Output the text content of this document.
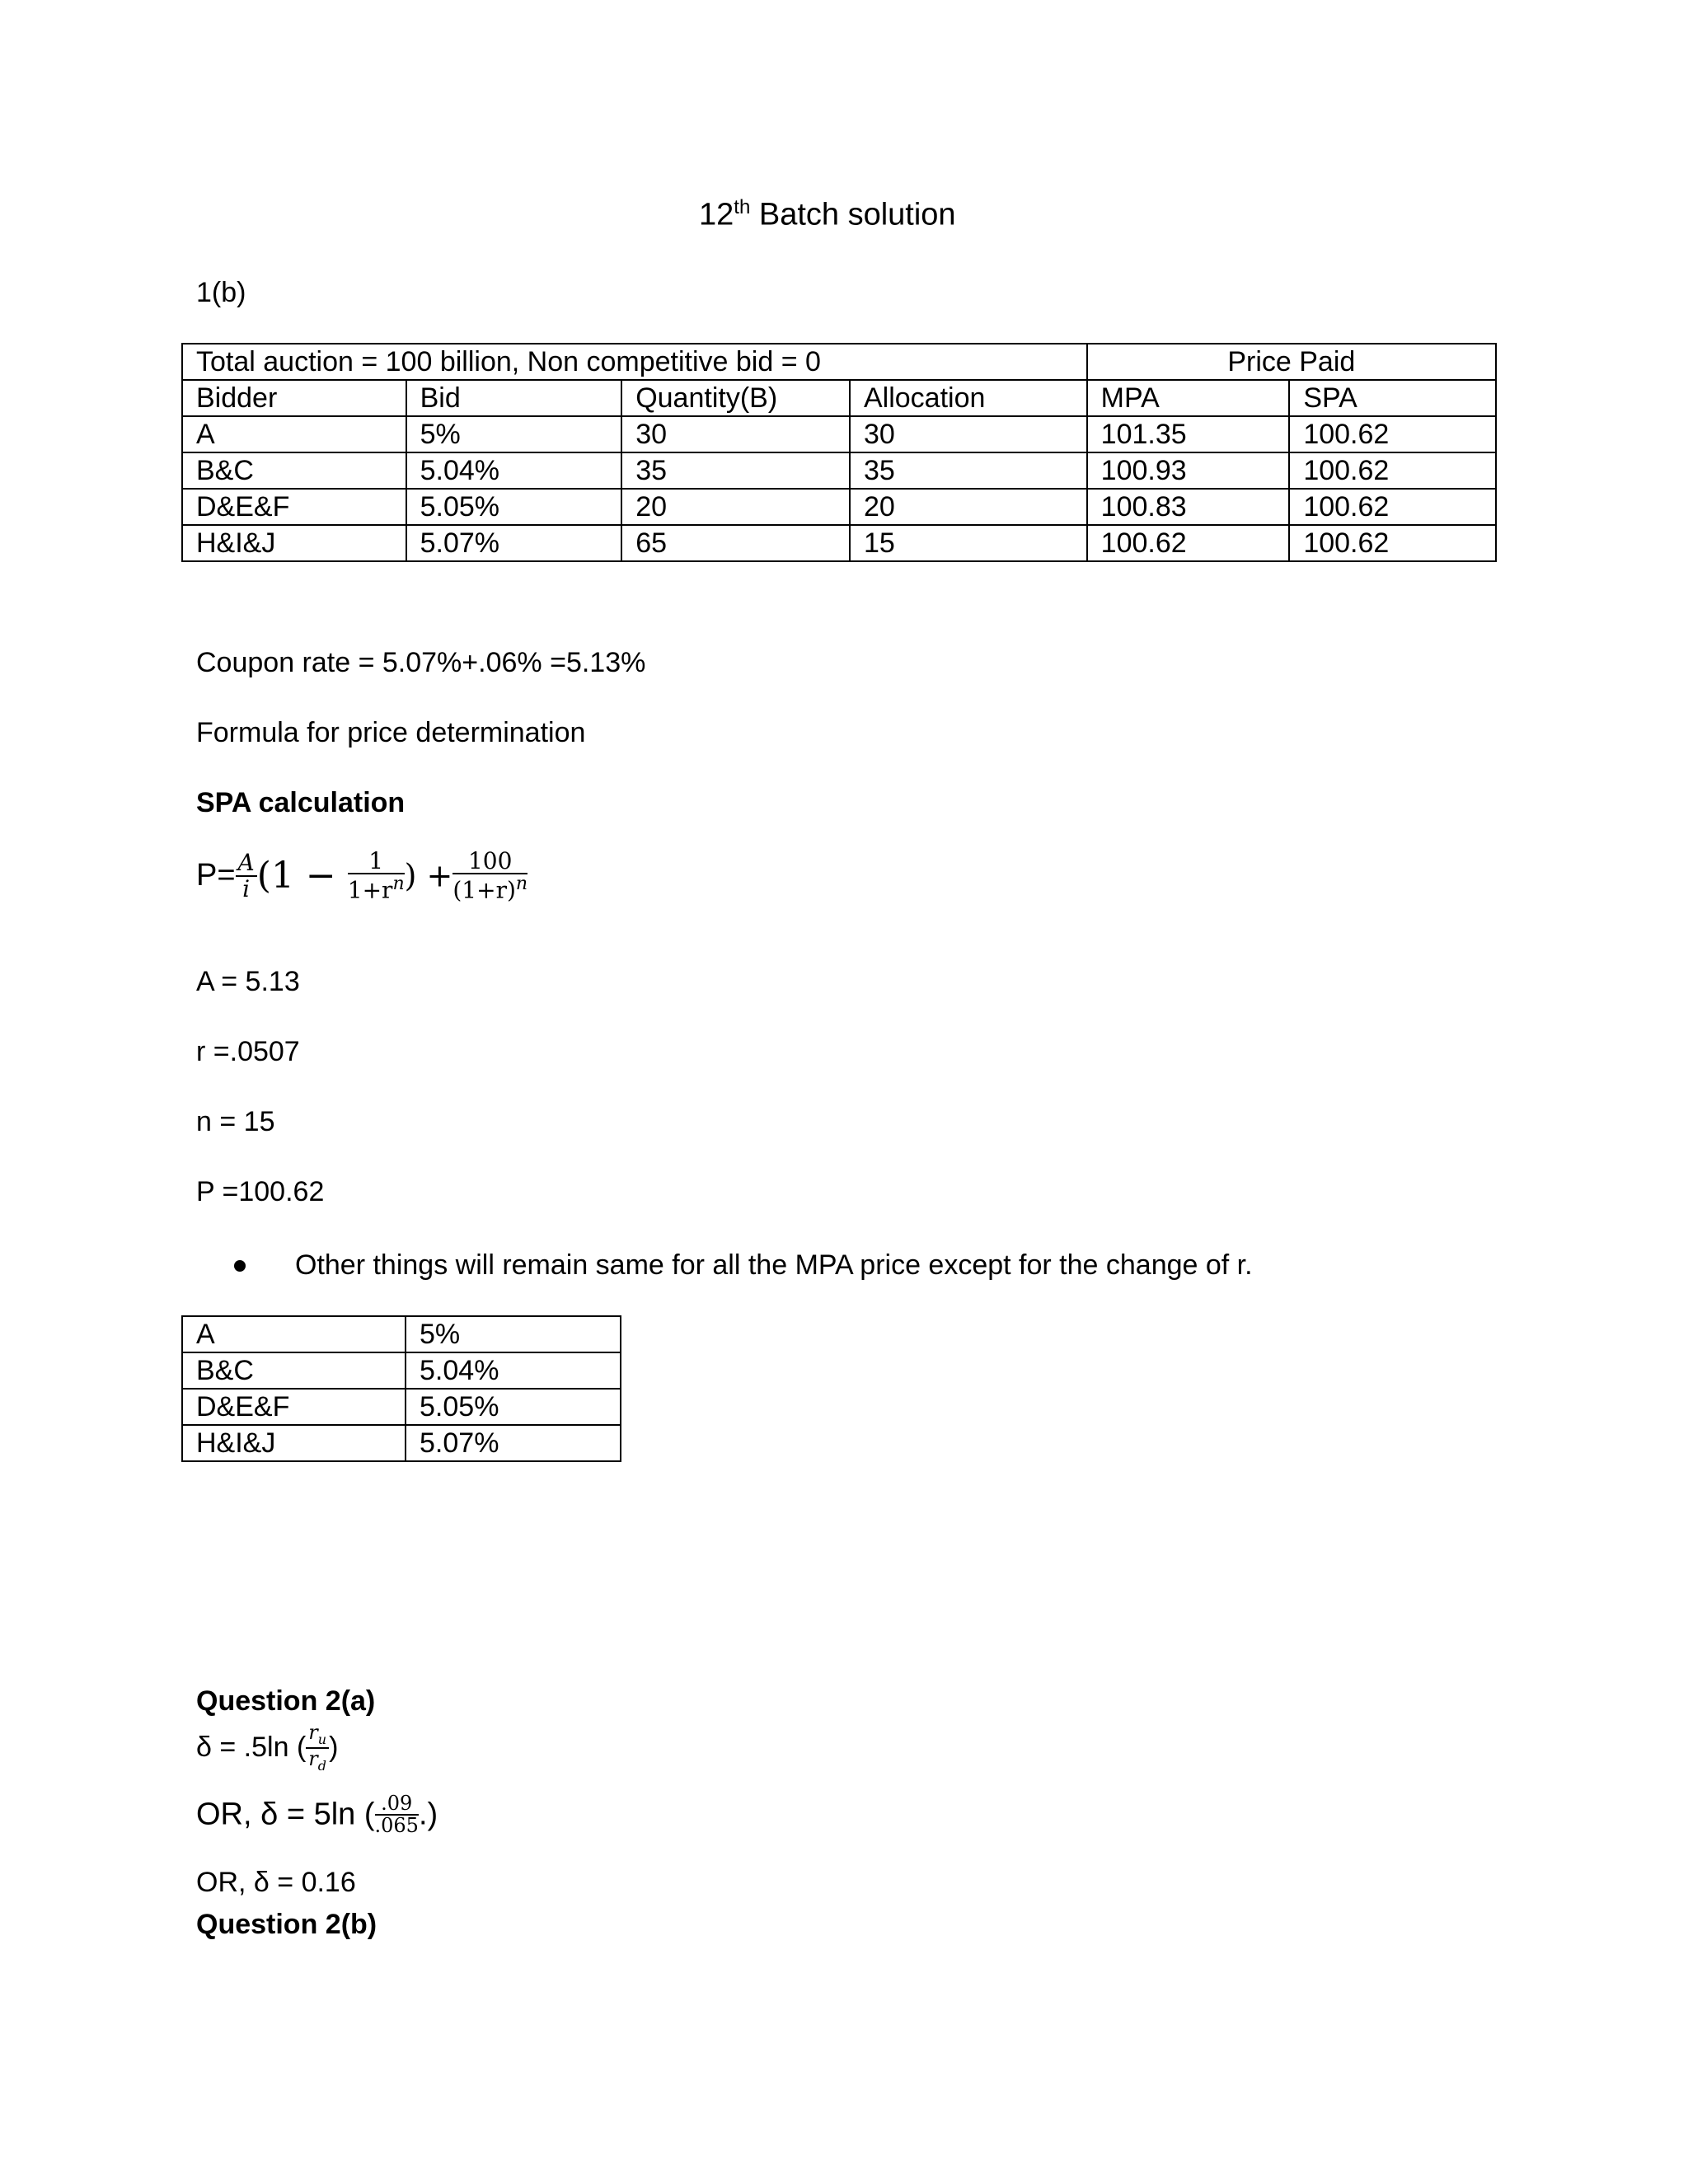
12th Batch solution
1(b)
Total auction = 100 billion, Non competitive bid = 0				Price Paid	
Bidder	Bid	Quantity(B)	Allocation	MPA	SPA
A	5%	30	30	101.35	100.62
B&C	5.04%	35	35	100.93	100.62
D&E&F	5.05%	20	20	100.83	100.62
H&I&J	5.07%	65	15	100.62	100.62
Coupon rate = 5.07%+.06% =5.13%
Formula for price determination
SPA calculation
$P= \frac{A}{i} (1 - \frac{1}{1+r^n}$ ) + $\frac{100}{(1+r)^n}$
A = 5.13
r =.0507
n = 15
P =100.62
Other things will remain same for all the MPA price except for the change of r.
A	5%
B&C	5.04%
D&E&F	5.05%
H&I&J	5.07%
Question 2(a)
δ = .5ln ( $\frac{r_u}{r_d}$ )
OR, δ = 5ln ( $\frac{.09}{.065}$ .)
OR, δ = 0.16
Question 2(b)
